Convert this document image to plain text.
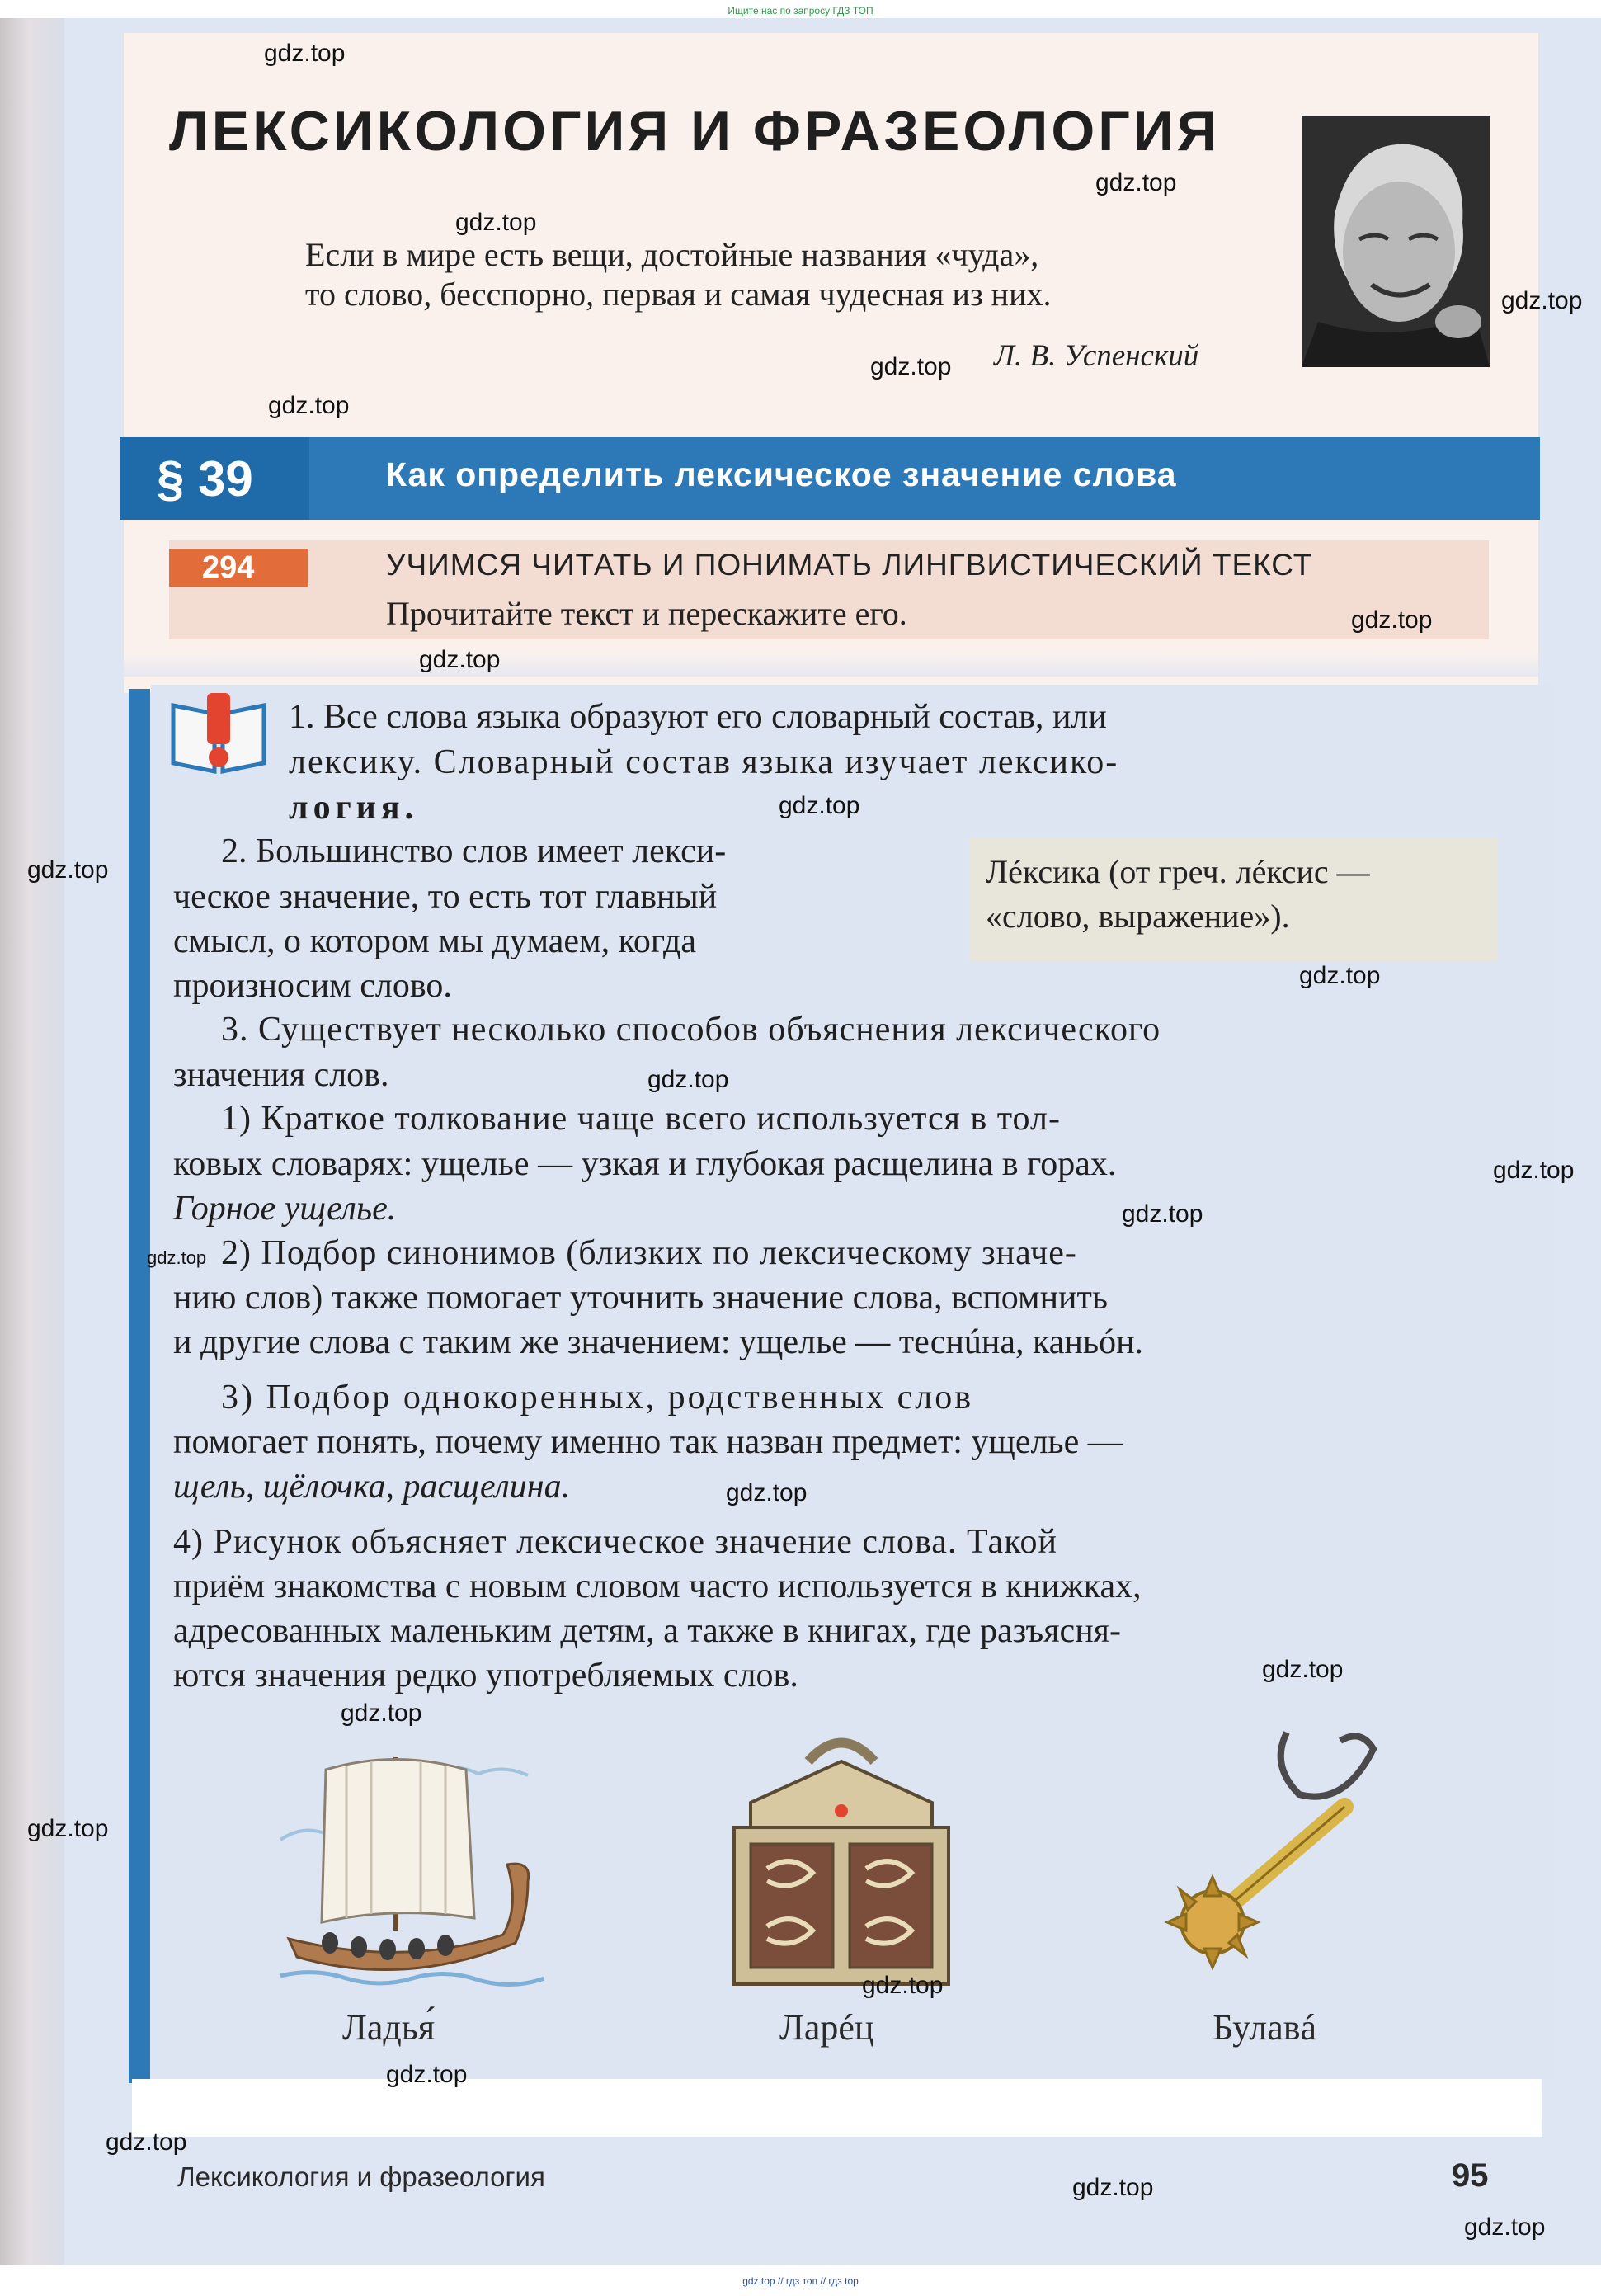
Ищите нас по запросу ГДЗ ТОП
ЛЕКСИКОЛОГИЯ И ФРАЗЕОЛОГИЯ
Если в мире есть вещи, достойные названия «чуда»,
то слово, бесспорно, первая и самая чудесная из них.
Л. В. Успенский
§ 39	Как определить лексическое значение слова
294	УЧИМСЯ ЧИТАТЬ И ПОНИМАТЬ ЛИНГВИСТИЧЕСКИЙ ТЕКСТ
Прочитайте текст и перескажите его.
1. Все слова языка образуют его словарный состав, или
лексику. Словарный состав языка изучает лексико-
логия.
2. Большинство слов имеет лекси-
ческое значение, то есть тот главный
смысл, о котором мы думаем, когда
произносим слово.
Лéксика (от греч. лéксис —
«слово, выражение»).
3. Существует несколько способов объяснения лексического
значения слов.
1) Краткое толкование чаще всего используется в тол-
ковых словарях: ущелье — узкая и глубокая расщелина в горах.
Горное ущелье.
2) Подбор синонимов (близких по лексическому значе-
нию слов) также помогает уточнить значение слова, вспомнить
и другие слова с таким же значением: ущелье — теснúна, каньóн.
3) Подбор однокоренных, родственных слов
помогает понять, почему именно так назван предмет: ущелье —
щель, щёлочка, расщелина.
4) Рисунок объясняет лексическое значение слова. Такой
приём знакомства с новым словом часто используется в книжках,
адресованных маленьким детям, а также в книгах, где разъясня-
ются значения редко употребляемых слов.
Ладья́	Ларéц	Булавá
Лексикология и фразеология	95
gdz.top
gdz.top
gdz.top
gdz.top
gdz.top
gdz.top
gdz.top
gdz.top
gdz.top
gdz.top
gdz.top
gdz.top
gdz.top
gdz.top
gdz.top
gdz.top
gdz.top
gdz.top
gdz.top
gdz.top
gdz.top
gdz.top
gdz.top
gdz.top
gdz top // гдз топ // гдз top
